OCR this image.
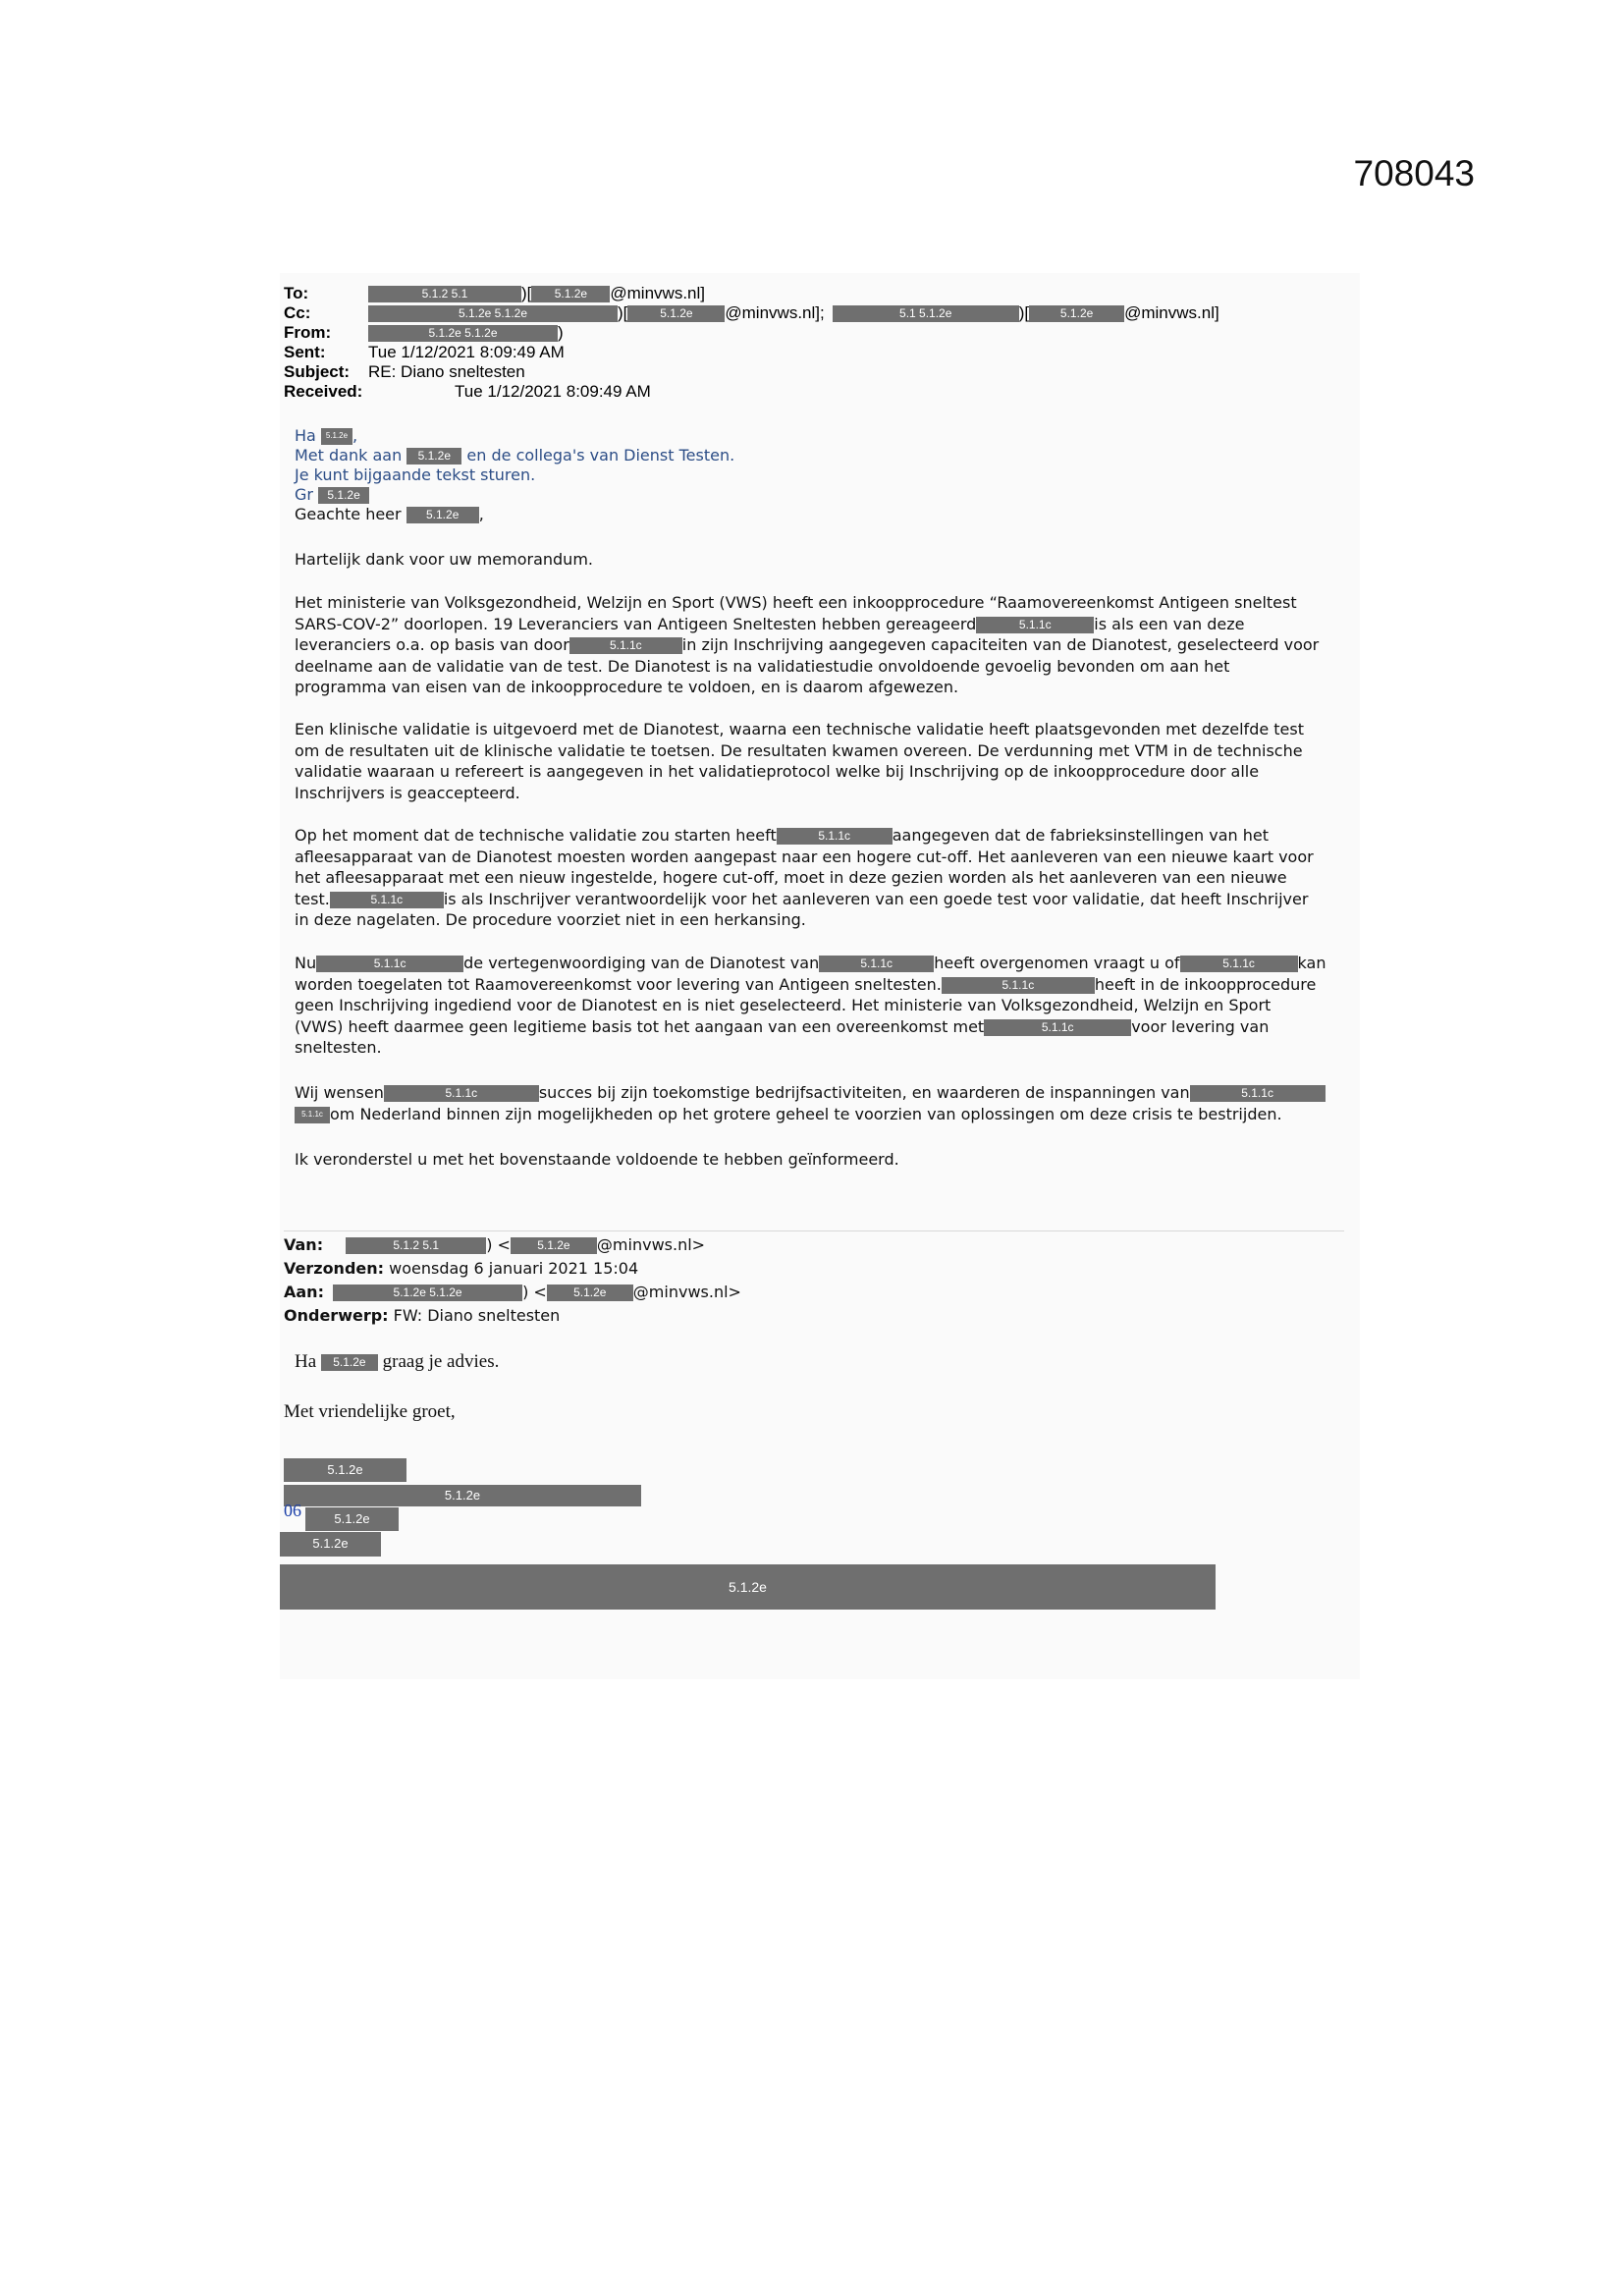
708043
To:	5.1.2 5.1	)[	5.1.2e	@minvws.nl]
Cc:	5.1.2e 5.1.2e	)[	5.1.2e	@minvws.nl];	5.1 5.1.2e	)[	5.1.2e	@minvws.nl]
From:	5.1.2e 5.1.2e	)
Sent:	Tue 1/12/2021 8:09:49 AM
Subject:	RE: Diano sneltesten
Received:	Tue 1/12/2021 8:09:49 AM
Ha 5.1.2e ,
Met dank aan 5.1.2e en de collega's van Dienst Testen.
Je kunt bijgaande tekst sturen.
Gr 5.1.2e
Geachte heer 5.1.2e ,
Hartelijk dank voor uw memorandum.
Het ministerie van Volksgezondheid, Welzijn en Sport (VWS) heeft een inkoopprocedure “Raamovereenkomst Antigeen sneltest
SARS-COV-2” doorlopen. 19 Leveranciers van Antigeen Sneltesten hebben gereageerd	5.1.1c	is als een van deze
leveranciers o.a. op basis van door	5.1.1c	in zijn Inschrijving aangegeven capaciteiten van de Dianotest, geselecteerd voor
deelname aan de validatie van de test. De Dianotest is na validatiestudie onvoldoende gevoelig bevonden om aan het
programma van eisen van de inkoopprocedure te voldoen, en is daarom afgewezen.
Een klinische validatie is uitgevoerd met de Dianotest, waarna een technische validatie heeft plaatsgevonden met dezelfde test
om de resultaten uit de klinische validatie te toetsen. De resultaten kwamen overeen. De verdunning met VTM in de technische
validatie waaraan u refereert is aangegeven in het validatieprotocol welke bij Inschrijving op de inkoopprocedure door alle
Inschrijvers is geaccepteerd.
Op het moment dat de technische validatie zou starten heeft	5.1.1c	aangegeven dat de fabrieksinstellingen van het
afleesapparaat van de Dianotest moesten worden aangepast naar een hogere cut-off. Het aanleveren van een nieuwe kaart voor
het afleesapparaat met een nieuw ingestelde, hogere cut-off, moet in deze gezien worden als het aanleveren van een nieuwe
test.	5.1.1c	is als Inschrijver verantwoordelijk voor het aanleveren van een goede test voor validatie, dat heeft Inschrijver
in deze nagelaten. De procedure voorziet niet in een herkansing.
Nu	5.1.1c	de vertegenwoordiging van de Dianotest van	5.1.1c	heeft overgenomen vraagt u of	5.1.1c	kan
worden toegelaten tot Raamovereenkomst voor levering van Antigeen sneltesten.	5.1.1c	heeft in de inkoopprocedure
geen Inschrijving ingediend voor de Dianotest en is niet geselecteerd. Het ministerie van Volksgezondheid, Welzijn en Sport
(VWS) heeft daarmee geen legitieme basis tot het aangaan van een overeenkomst met	5.1.1c	voor levering van
sneltesten.
Wij wensen	5.1.1c	succes bij zijn toekomstige bedrijfsactiviteiten, en waarderen de inspanningen van	5.1.1c
5.1.1c om Nederland binnen zijn mogelijkheden op het grotere geheel te voorzien van oplossingen om deze crisis te bestrijden.
Ik veronderstel u met het bovenstaande voldoende te hebben geïnformeerd.
Van:	5.1.2 5.1	) < 5.1.2e @minvws.nl>
Verzonden: woensdag 6 januari 2021 15:04
Aan:	5.1.2e 5.1.2e	) < 5.1.2e @minvws.nl>
Onderwerp: FW: Diano sneltesten
Ha 5.1.2e graag je advies.
Met vriendelijke groet,
5.1.2e
5.1.2e
06	5.1.2e
5.1.2e
5.1.2e
